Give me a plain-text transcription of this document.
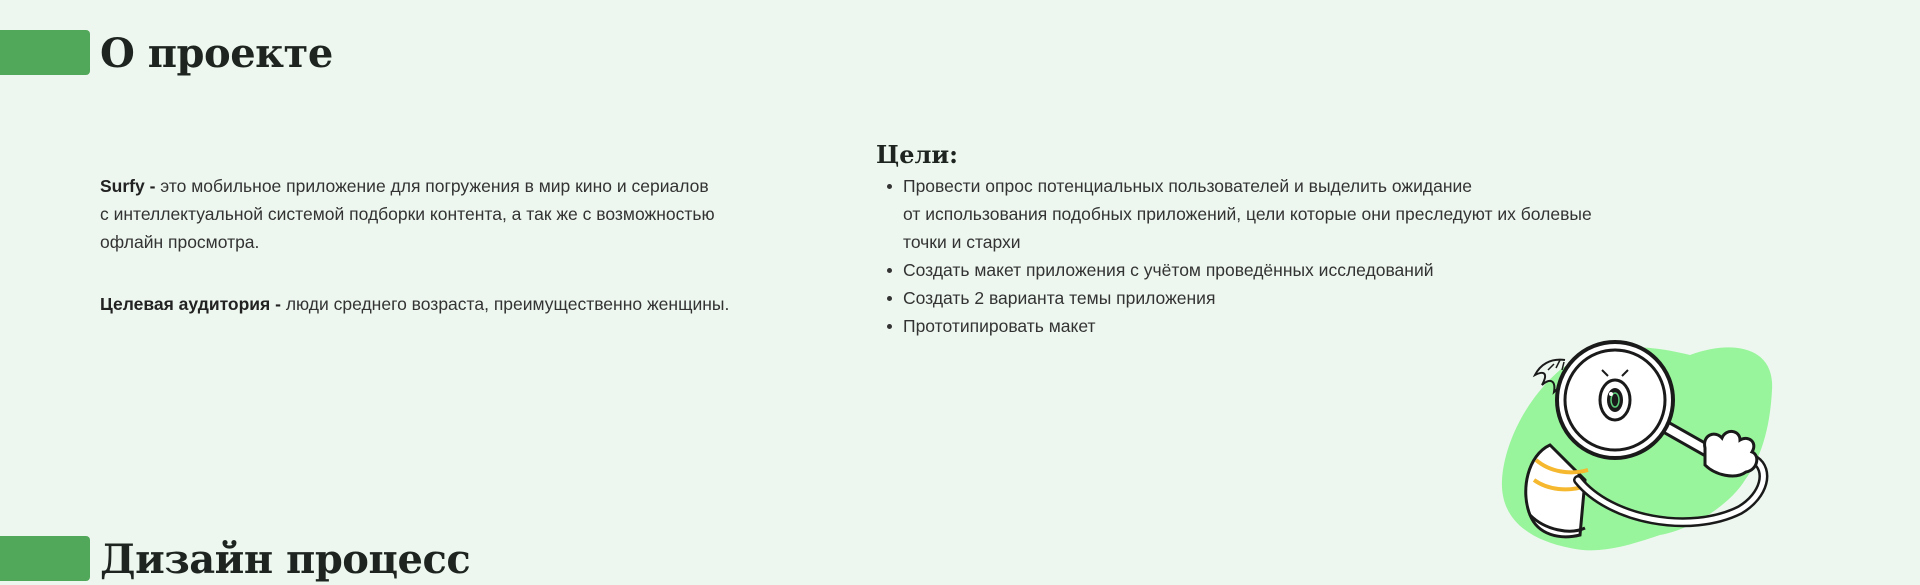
О проекте

Surfy - это мобильное приложение для погружения в мир кино и сериалов
с интеллектуальной системой подборки контента, а так же с возможностью
офлайн просмотра.

Целевая аудитория - люди среднего возраста, преимущественно женщины.

Цели:
Провести опрос потенциальных пользователей и выделить ожидание
от использования подобных приложений, цели которые они преследуют их болевые
точки и стархи
Создать макет приложения с учётом проведённых исследований
Создать 2 варианта темы приложения
Прототипировать макет
Дизайн процесс
